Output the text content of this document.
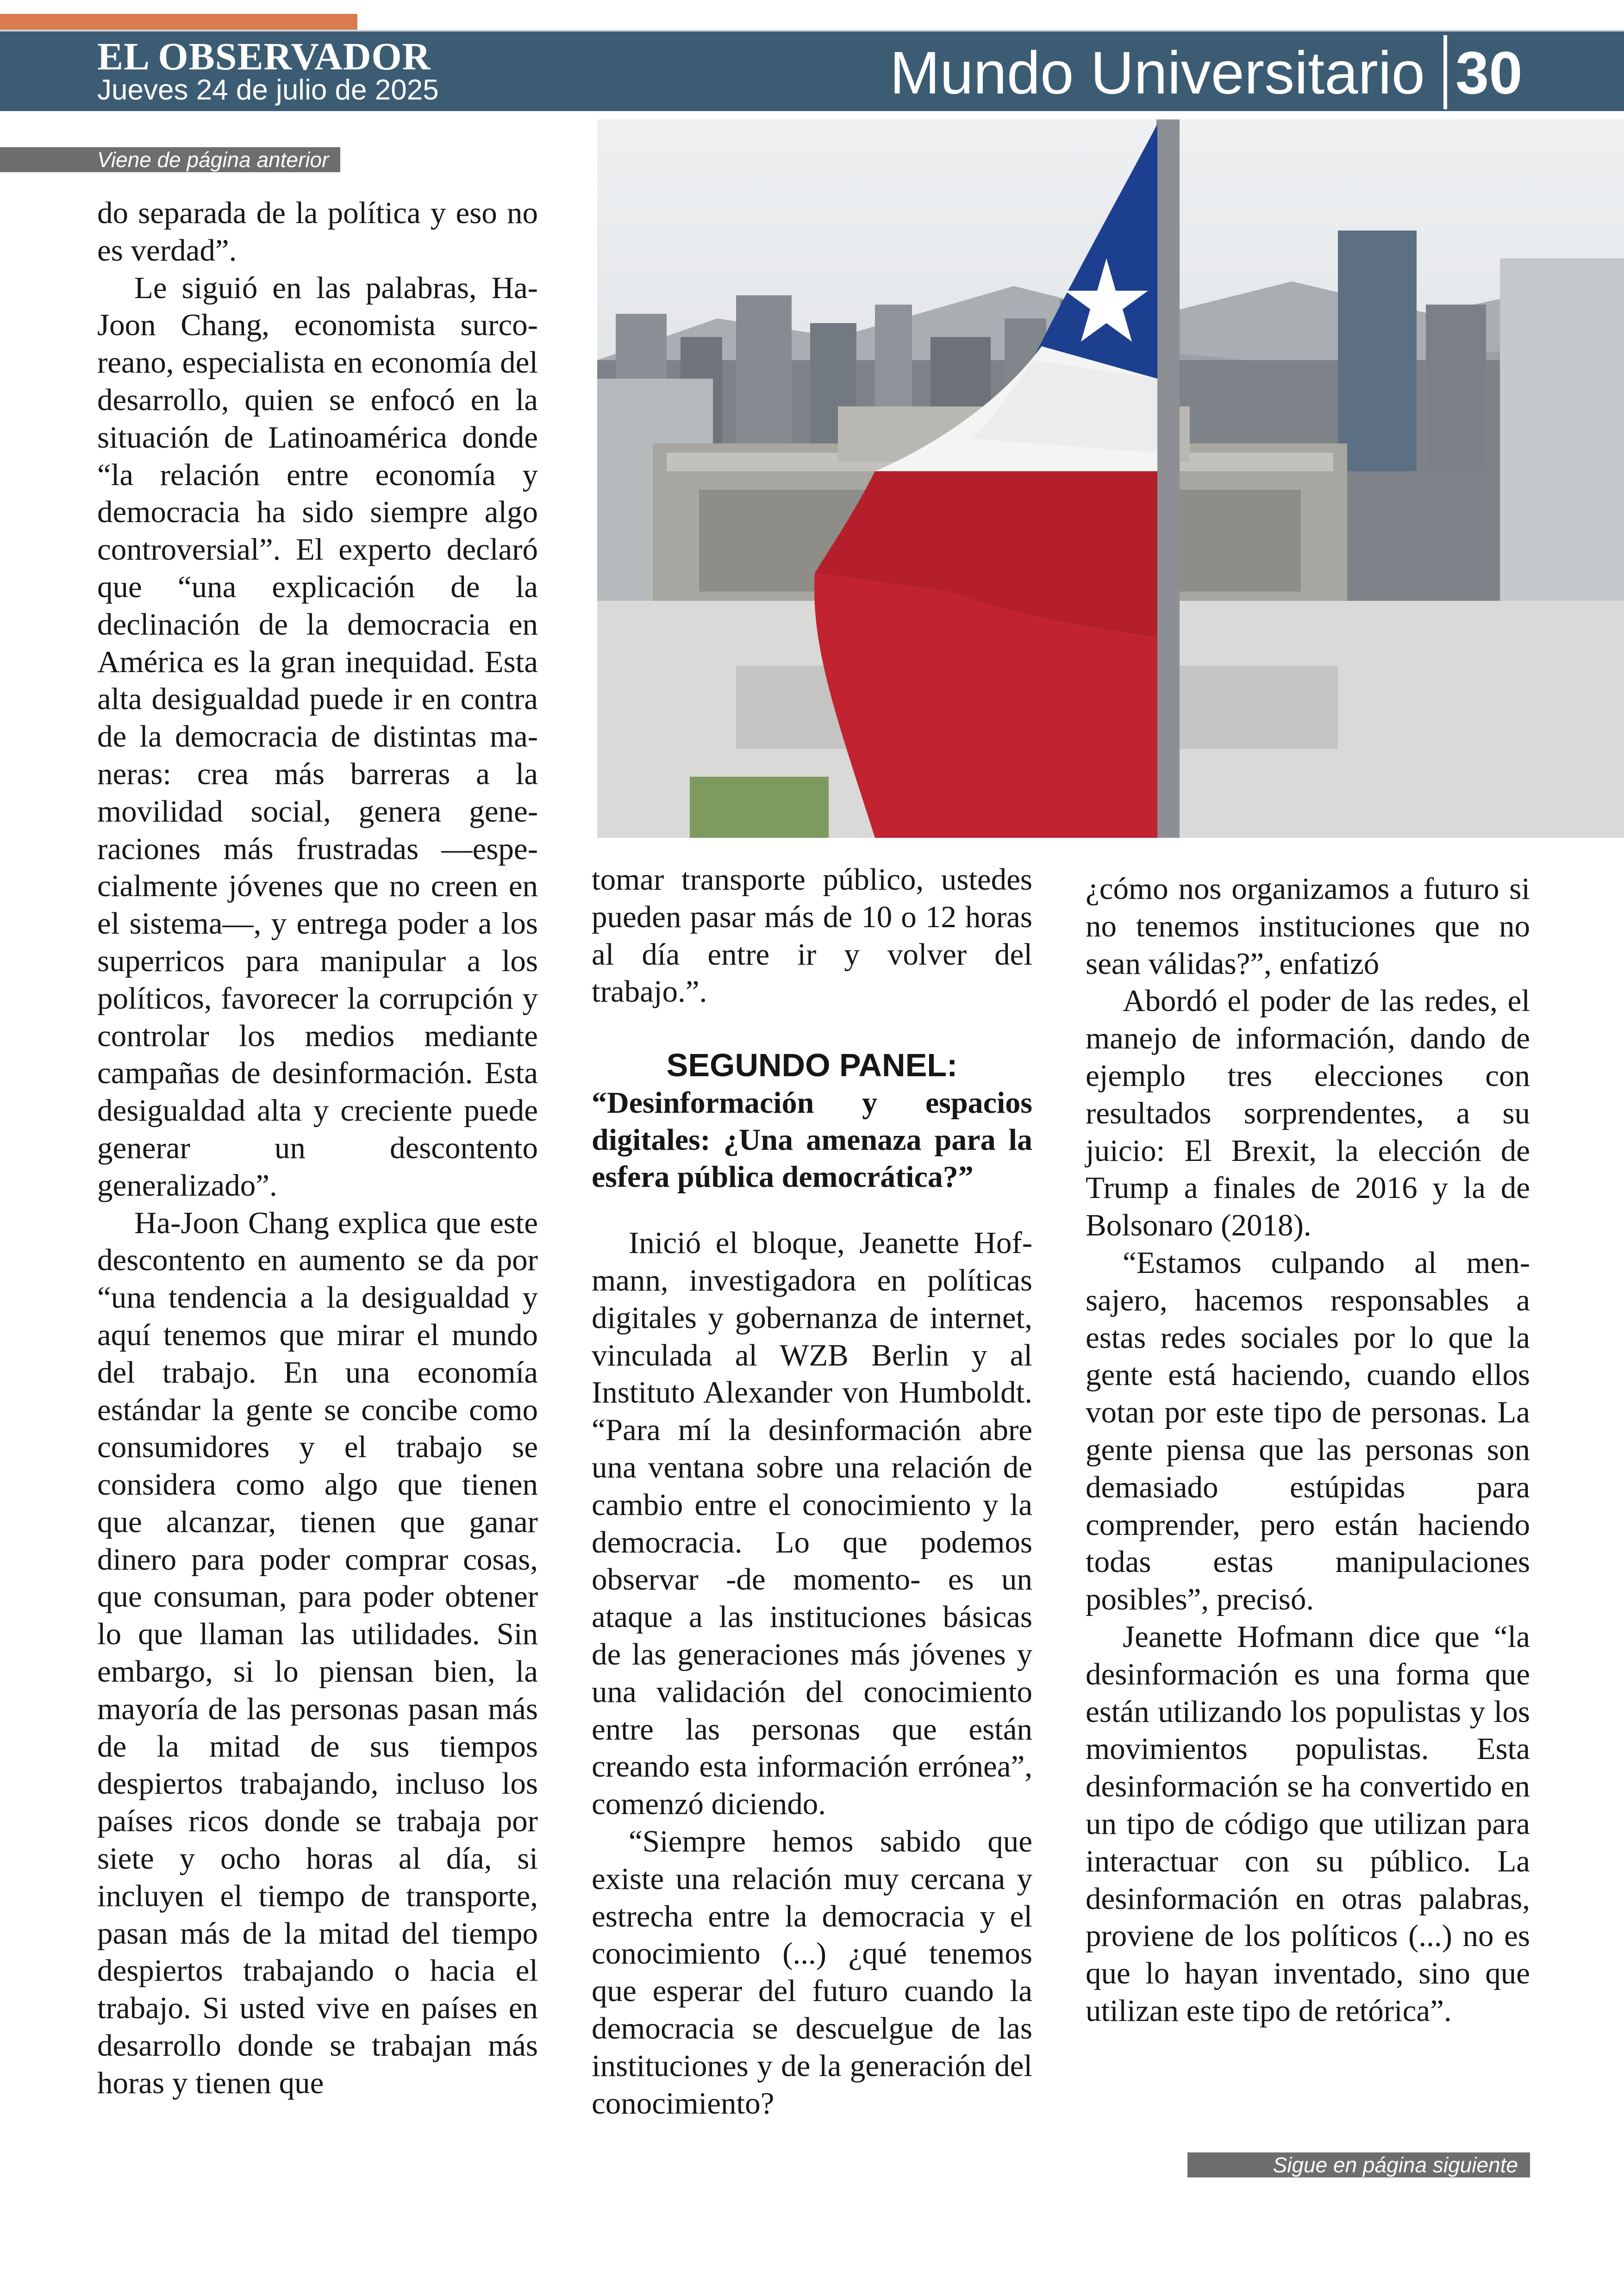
EL OBSERVADOR
Jueves 24 de julio de 2025	Mundo Universitario 30
Viene de página anterior

do separada de la política y eso no es verdad”.

Le siguió en las palabras, Ha-Joon Chang, economista surcoreano, especialista en economía del desarrollo, quien se enfocó en la situación de Latinoamérica donde “la relación entre economía y democracia ha sido siempre algo controversial”. El experto declaró que “una explicación de la declinación de la democracia en América es la gran inequidad. Esta alta desigualdad puede ir en contra de la democracia de distintas maneras: crea más barreras a la movilidad social, genera generaciones más frustradas —especialmente jóvenes que no creen en el sistema—, y entrega poder a los superricos para manipular a los políticos, favorecer la corrupción y controlar los medios mediante campañas de desinformación. Esta desigualdad alta y creciente puede generar un descontento generalizado”.

Ha-Joon Chang explica que este descontento en aumento se da por “una tendencia a la desigualdad y aquí tenemos que mirar el mundo del trabajo. En una economía estándar la gente se concibe como consumidores y el trabajo se considera como algo que tienen que alcanzar, tienen que ganar dinero para poder comprar cosas, que consuman, para poder obtener lo que llaman las utilidades. Sin embargo, si lo piensan bien, la mayoría de las personas pasan más de la mitad de sus tiempos despiertos trabajando, incluso los países ricos donde se trabaja por siete y ocho horas al día, si incluyen el tiempo de transporte, pasan más de la mitad del tiempo despiertos trabajando o hacia el trabajo. Si usted vive en países en desarrollo donde se trabajan más horas y tienen que

tomar transporte público, ustedes pueden pasar más de 10 o 12 horas al día entre ir y volver del trabajo.”.

SEGUNDO PANEL:

“Desinformación y espacios digitales: ¿Una amenaza para la esfera pública democrática?”

Inició el bloque, Jeanette Hofmann, investigadora en políticas digitales y gobernanza de internet, vinculada al WZB Berlin y al Instituto Alexander von Humboldt. “Para mí la desinformación abre una ventana sobre una relación de cambio entre el conocimiento y la democracia. Lo que podemos observar -de momento- es un ataque a las instituciones básicas de las generaciones más jóvenes y una validación del conocimiento entre las personas que están creando esta información errónea”, comenzó diciendo.

“Siempre hemos sabido que existe una relación muy cercana y estrecha entre la democracia y el conocimiento (...) ¿qué tenemos que esperar del futuro cuando la democracia se descuelgue de las instituciones y de la generación del conocimiento?

¿cómo nos organizamos a futuro si no tenemos instituciones que no sean válidas?”, enfatizó

Abordó el poder de las redes, el manejo de información, dando de ejemplo tres elecciones con resultados sorprendentes, a su juicio: El Brexit, la elección de Trump a finales de 2016 y la de Bolsonaro (2018).

“Estamos culpando al mensajero, hacemos responsables a estas redes sociales por lo que la gente está haciendo, cuando ellos votan por este tipo de personas. La gente piensa que las personas son demasiado estúpidas para comprender, pero están haciendo todas estas manipulaciones posibles”, precisó.

Jeanette Hofmann dice que “la desinformación es una forma que están utilizando los populistas y los movimientos populistas. Esta desinformación se ha convertido en un tipo de código que utilizan para interactuar con su público. La desinformación en otras palabras, proviene de los políticos (...) no es que lo hayan inventado, sino que utilizan este tipo de retórica”.

Sigue en página siguiente
